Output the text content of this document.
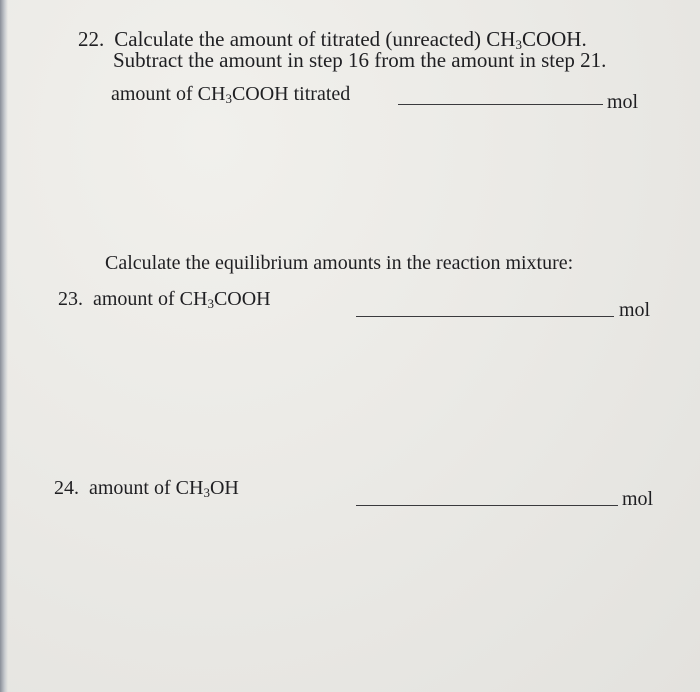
22. Calculate the amount of titrated (unreacted) $CH_3COOH$.
Subtract the amount in step 16 from the amount in step 21.
amount of $CH_3COOH$ titrated	mol
Calculate the equilibrium amounts in the reaction mixture:
23. amount of $CH_3COOH$	mol
24. amount of $CH_3OH$	mol
